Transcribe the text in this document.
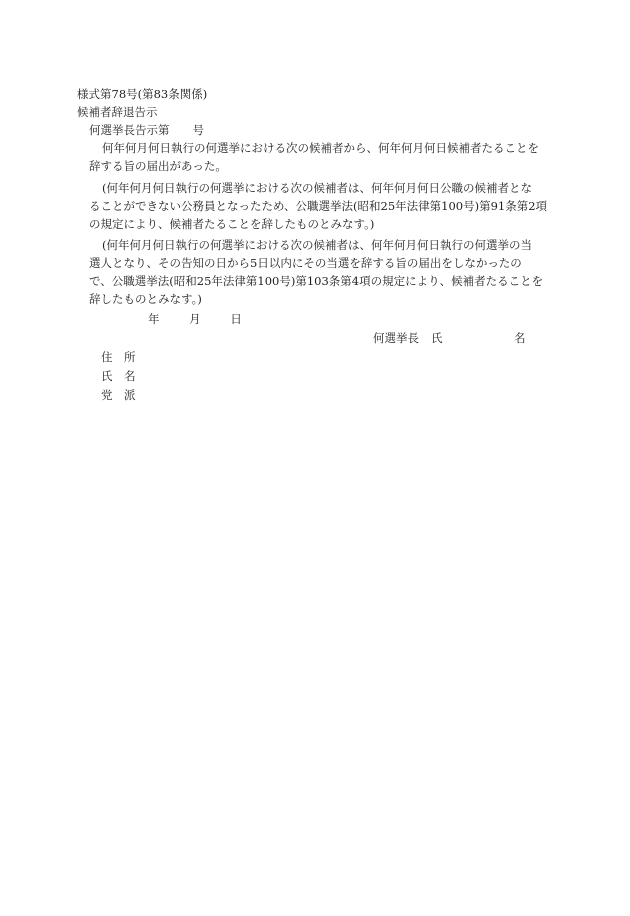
様式第78号(第83条関係)
候補者辞退告示
何選挙長告示第　　号
何年何月何日執行の何選挙における次の候補者から、何年何月何日候補者たることを
辞する旨の届出があった。
(何年何月何日執行の何選挙における次の候補者は、何年何月何日公職の候補者とな
ることができない公務員となったため、公職選挙法(昭和25年法律第100号)第91条第2項
の規定により、候補者たることを辞したものとみなす。)
(何年何月何日執行の何選挙における次の候補者は、何年何月何日執行の何選挙の当
選人となり、その告知の日から5日以内にその当選を辞する旨の届出をしなかったの
で、公職選挙法(昭和25年法律第100号)第103条第4項の規定により、候補者たることを
辞したものとみなす。)
年	月	日
何選挙長 氏	名
住　所
氏　名
党　派
